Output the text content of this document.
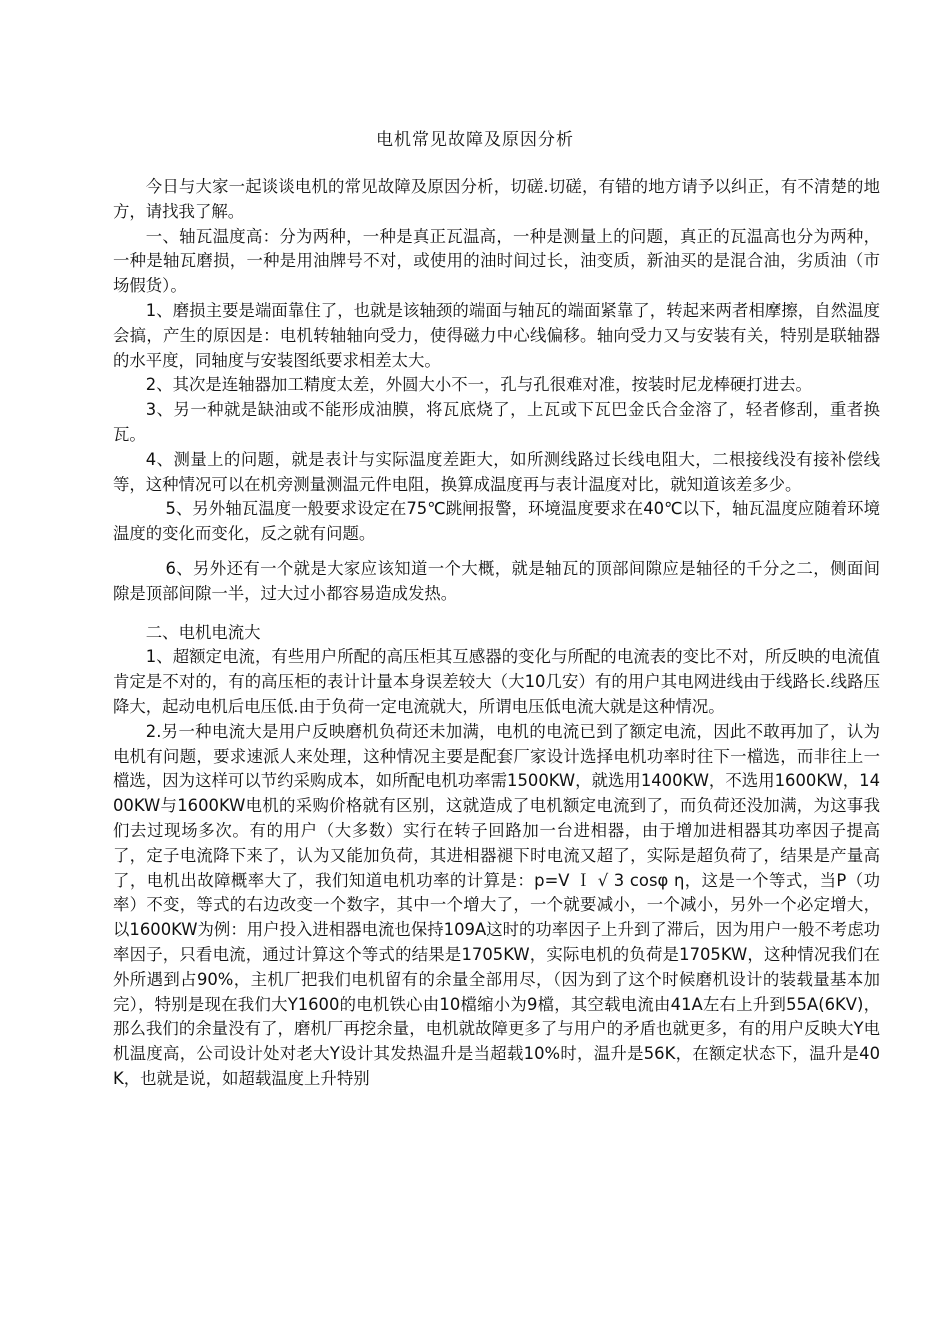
电机常见故障及原因分析

今日与大家一起谈谈电机的常见故障及原因分析，切磋.切磋，有错的地方请予以纠正，有不清楚的地方，请找我了解。

一、轴瓦温度高：分为两种，一种是真正瓦温高，一种是测量上的问题，真正的瓦温高也分为两种，一种是轴瓦磨损，一种是用油牌号不对，或使用的油时间过长，油变质，新油买的是混合油，劣质油（市场假货）。

1、磨损主要是端面靠住了，也就是该轴颈的端面与轴瓦的端面紧靠了，转起来两者相摩擦，自然温度会搞，产生的原因是：电机转轴轴向受力，使得磁力中心线偏移。轴向受力又与安装有关，特别是联轴器的水平度，同轴度与安装图纸要求相差太大。

2、其次是连轴器加工精度太差，外圆大小不一，孔与孔很难对准，按装时尼龙棒硬打进去。

3、另一种就是缺油或不能形成油膜，将瓦底烧了，上瓦或下瓦巴金氏合金溶了，轻者修刮，重者换瓦。

4、测量上的问题，就是表计与实际温度差距大，如所测线路过长线电阻大，二根接线没有接补偿线等，这种情况可以在机旁测量测温元件电阻，换算成温度再与表计温度对比，就知道该差多少。

5、另外轴瓦温度一般要求设定在75℃跳闸报警，环境温度要求在40℃以下，轴瓦温度应随着环境温度的变化而变化，反之就有问题。

6、另外还有一个就是大家应该知道一个大概，就是轴瓦的顶部间隙应是轴径的千分之二，侧面间隙是顶部间隙一半，过大过小都容易造成发热。

二、电机电流大

1、超额定电流，有些用户所配的高压柜其互感器的变化与所配的电流表的变比不对，所反映的电流值肯定是不对的，有的高压柜的表计计量本身误差较大（大10几安）有的用户其电网进线由于线路长.线路压降大，起动电机后电压低.由于负荷一定电流就大，所谓电压低电流大就是这种情况。

2.另一种电流大是用户反映磨机负荷还未加满，电机的电流已到了额定电流，因此不敢再加了，认为电机有问题，要求速派人来处理，这种情况主要是配套厂家设计选择电机功率时往下一檔选，而非往上一檔选，因为这样可以节约采购成本，如所配电机功率需1500KW，就选用1400KW，不选用1600KW，1400KW与1600KW电机的采购价格就有区别，这就造成了电机额定电流到了，而负荷还没加满，为这事我们去过现场多次。有的用户（大多数）实行在转子回路加一台进相器，由于增加进相器其功率因子提高了，定子电流降下来了，认为又能加负荷，其进相器褪下时电流又超了，实际是超负荷了，结果是产量高了，电机出故障概率大了，我们知道电机功率的计算是：p=V Ｉ √ 3 cosφ η，这是一个等式，当P（功率）不变，等式的右边改变一个数字，其中一个增大了，一个就要减小，一个减小，另外一个必定增大，以1600KW为例：用户投入进相器电流也保持109A这时的功率因子上升到了滞后，因为用户一般不考虑功率因子，只看电流，通过计算这个等式的结果是1705KW，实际电机的负荷是1705KW，这种情况我们在外所遇到占90%，主机厂把我们电机留有的余量全部用尽，（因为到了这个时候磨机设计的装载量基本加完），特别是现在我们大Y1600的电机铁心由10檔缩小为9檔，其空载电流由41A左右上升到55A(6KV)，那么我们的余量没有了，磨机厂再挖余量，电机就故障更多了与用户的矛盾也就更多，有的用户反映大Y电机温度高，公司设计处对老大Y设计其发热温升是当超载10%时，温升是56K，在额定状态下，温升是40K，也就是说，如超载温度上升特别
